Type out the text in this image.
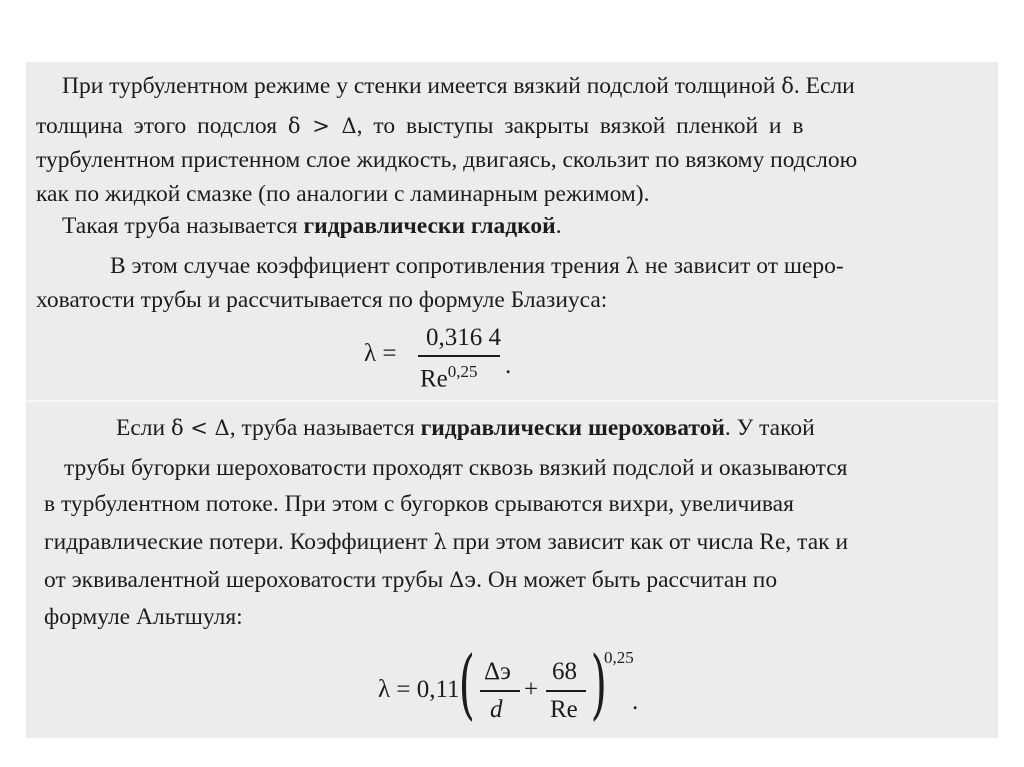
При турбулентном режиме у стенки имеется вязкий подслой толщиной δ. Если
толщина этого подслоя δ > Δ, то выступы закрыты вязкой пленкой и в
турбулентном пристенном слое жидкость, двигаясь, скользит по вязкому подслою
как по жидкой смазке (по аналогии с ламинарным режимом).
Такая труба называется гидравлически гладкой.
В этом случае коэффициент сопротивления трения λ не зависит от шеро-
ховатости трубы и рассчитывается по формуле Блазиуса:
λ =
0,316 4
Re$^{0,25}$ .
Если δ < Δ, труба называется гидравлически шероховатой. У такой
трубы бугорки шероховатости проходят сквозь вязкий подслой и оказываются
в турбулентном потоке. При этом с бугорков срываются вихри, увеличивая
гидравлические потери. Коэффициент λ при этом зависит как от числа Re, так и
от эквивалентной шероховатости трубы Δэ. Он может быть рассчитан по
формуле Альтшуля:
λ = 0,11 ( Δэ
d
+
68
Re )
0,25
.
